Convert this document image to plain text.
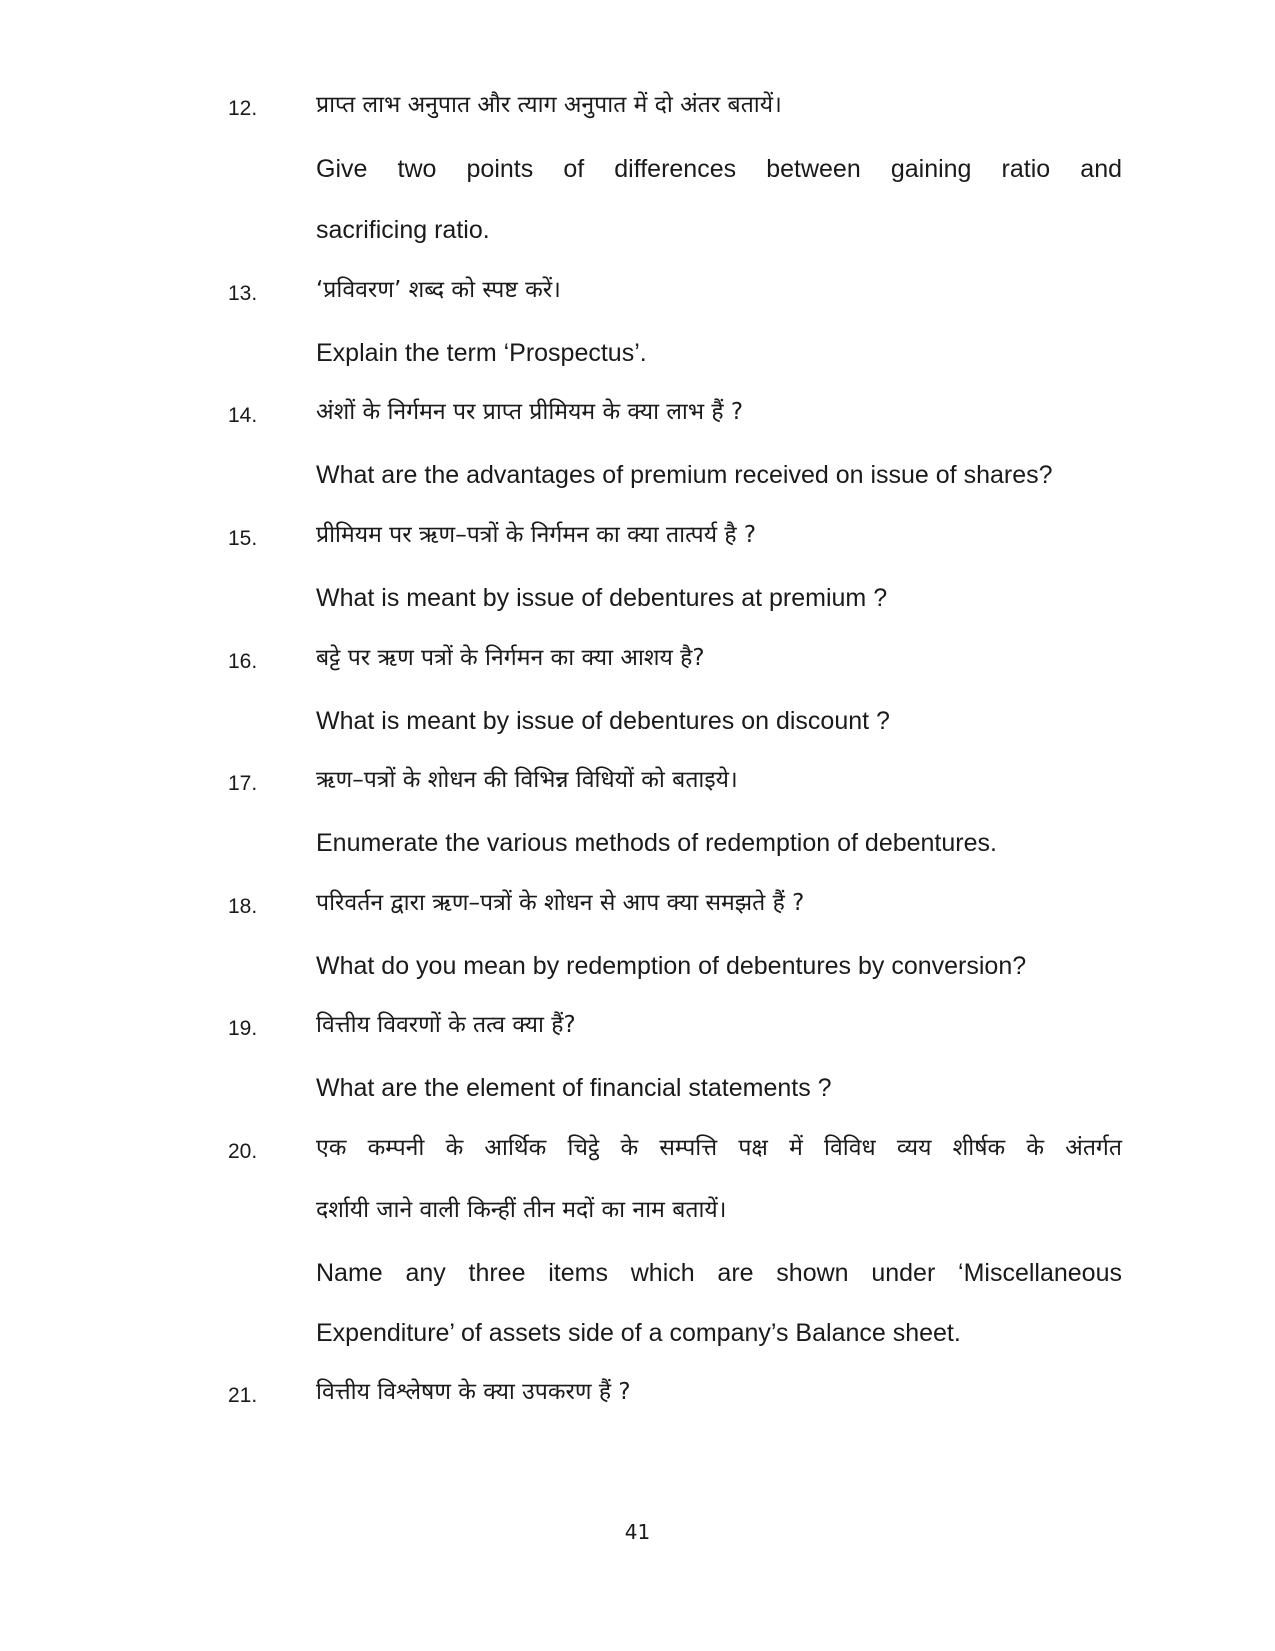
12.	प्राप्त लाभ अनुपात और त्याग अनुपात में दो अंतर बतायें।
Give two points of differences between gaining ratio and
sacrificing ratio.
13.	‘प्रविवरण’ शब्द को स्पष्ट करें।
Explain the term ‘Prospectus’.
14.	अंशों के निर्गमन पर प्राप्त प्रीमियम के क्या लाभ हैं ?
What are the advantages of premium received on issue of shares?
15.	प्रीमियम पर ऋण–पत्रों के निर्गमन का क्या तात्पर्य है ?
What is meant by issue of debentures at premium ?
16.	बट्टे पर ऋण पत्रों के निर्गमन का क्या आशय है?
What is meant by issue of debentures on discount ?
17.	ऋण–पत्रों के शोधन की विभिन्न विधियों को बताइये।
Enumerate the various methods of redemption of debentures.
18.	परिवर्तन द्वारा ऋण–पत्रों के शोधन से आप क्या समझते हैं ?
What do you mean by redemption of debentures by conversion?
19.	वित्तीय विवरणों के तत्व क्या हैं?
What are the element of financial statements ?
20.	एक कम्पनी के आर्थिक चिट्ठे के सम्पत्ति पक्ष में विविध व्यय शीर्षक के अंतर्गत
दर्शायी जाने वाली किन्हीं तीन मदों का नाम बतायें।
Name any three items which are shown under ‘Miscellaneous
Expenditure’ of assets side of a company’s Balance sheet.
21.	वित्तीय विश्लेषण के क्या उपकरण हैं ?
41
